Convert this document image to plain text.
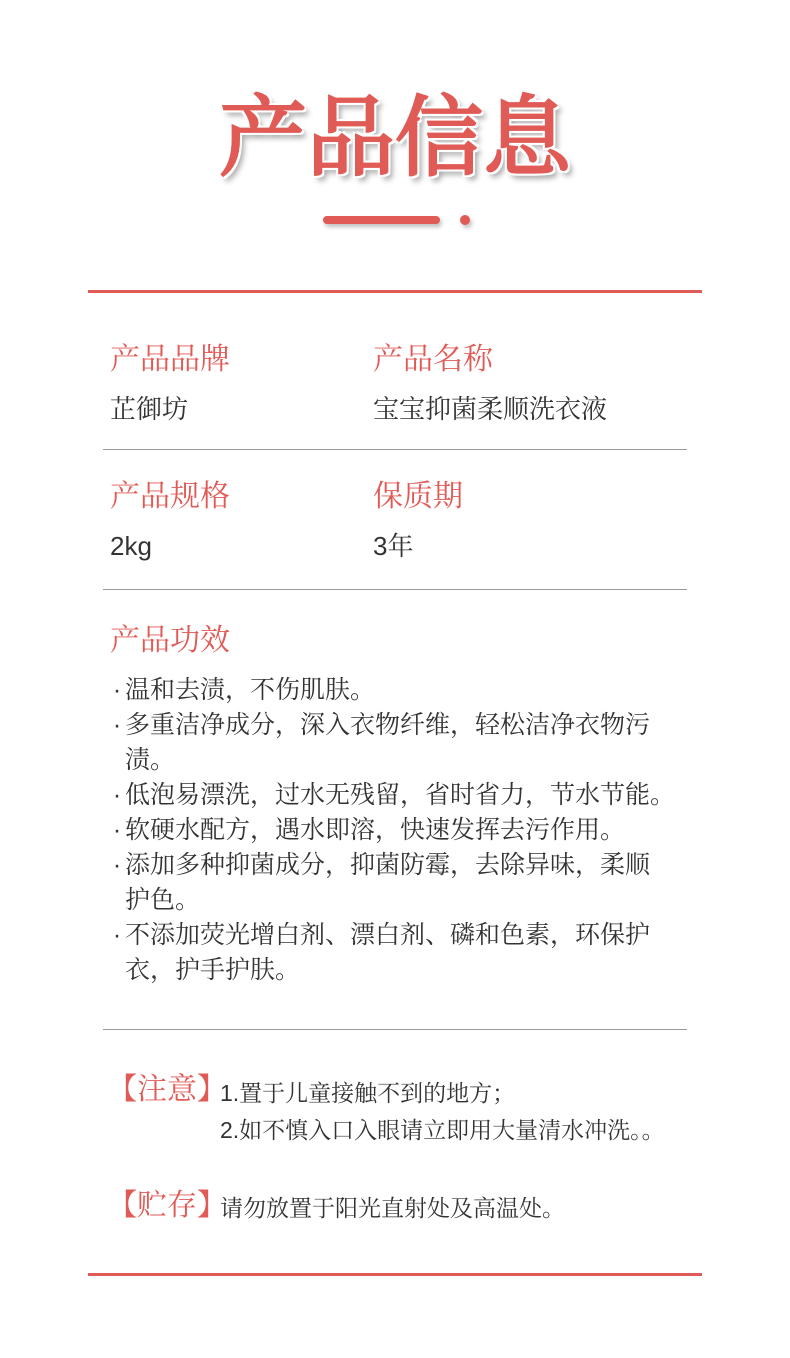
产品信息
产品品牌	产品名称
芷御坊	宝宝抑菌柔顺洗衣液
产品规格	保质期
2kg	3年
产品功效
· 温和去渍，不伤肌肤。
· 多重洁净成分，深入衣物纤维，轻松洁净衣物污
渍。
· 低泡易漂洗，过水无残留，省时省力，节水节能。
· 软硬水配方，遇水即溶，快速发挥去污作用。
· 添加多种抑菌成分，抑菌防霉，去除异味，柔顺
护色。
· 不添加荧光增白剂、漂白剂、磷和色素，环保护
衣，护手护肤。
【注意】 1.置于儿童接触不到的地方；
2.如不慎入口入眼请立即用大量清水冲洗。。
【贮存】 请勿放置于阳光直射处及高温处。
